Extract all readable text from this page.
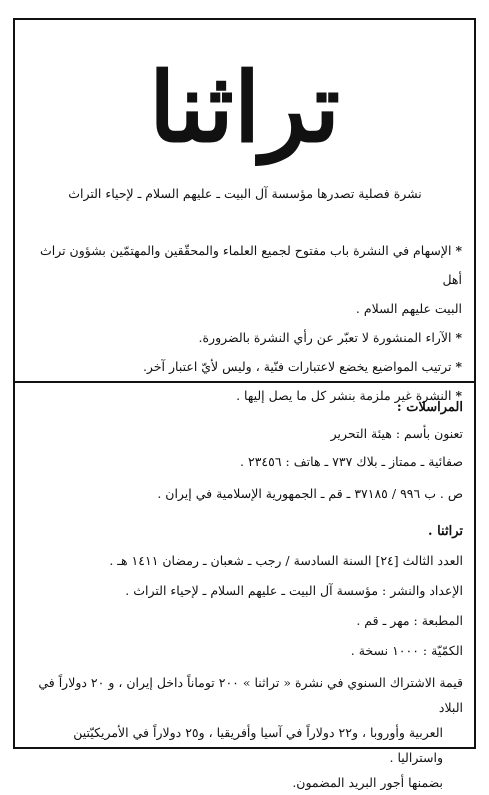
تراثنا
نشرة فصلية تصدرها مؤسسة آل البيت ـ عليهم السلام ـ لإحياء التراث

*الإسهام في النشرة باب مفتوح لجميع العلماء والمحقّقين والمهتمّين بشؤون تراث أهل

البيت عليهم السلام .

*الآراء المنشورة لا تعبّر عن رأي النشرة بالضرورة.

*ترتيب المواضيع يخضع لاعتبارات فنّية ، وليس لأيّ اعتبار آخر.

*النشرة غير ملزمة بنشر كل ما يصل إليها .

المراسلات :

تعنون بأسم : هيئة التحرير

صفائية ـ ممتاز ـ بلاك ٧٣٧ ـ هاتف : ٢٣٤٥٦ .

ص . ب ٩٩٦ / ٣٧١٨٥ ـ قم ـ الجمهورية الإسلامية في إيران .

تراثنا .

العدد الثالث [٢٤] السنة السادسة / رجب ـ شعبان ـ رمضان ١٤١١ هـ .

الإعداد والنشر : مؤسسة آل البيت ـ عليهم السلام ـ لإحياء التراث .

المطبعة : مهر ـ قم .

الكمّيّة : ١٠٠٠ نسخة .

قيمة الاشتراك السنوي في نشرة « تراثنا » ٢٠٠ توماناً داخل إيران ، و ٢٠ دولاراً في البلاد

العربية وأوروبا ، و٢٢ دولاراً في آسيا وأفريقيا ، و٢٥ دولاراً في الأمريكيّتين واستراليا .

بضمنها أجور البريد المضمون.
